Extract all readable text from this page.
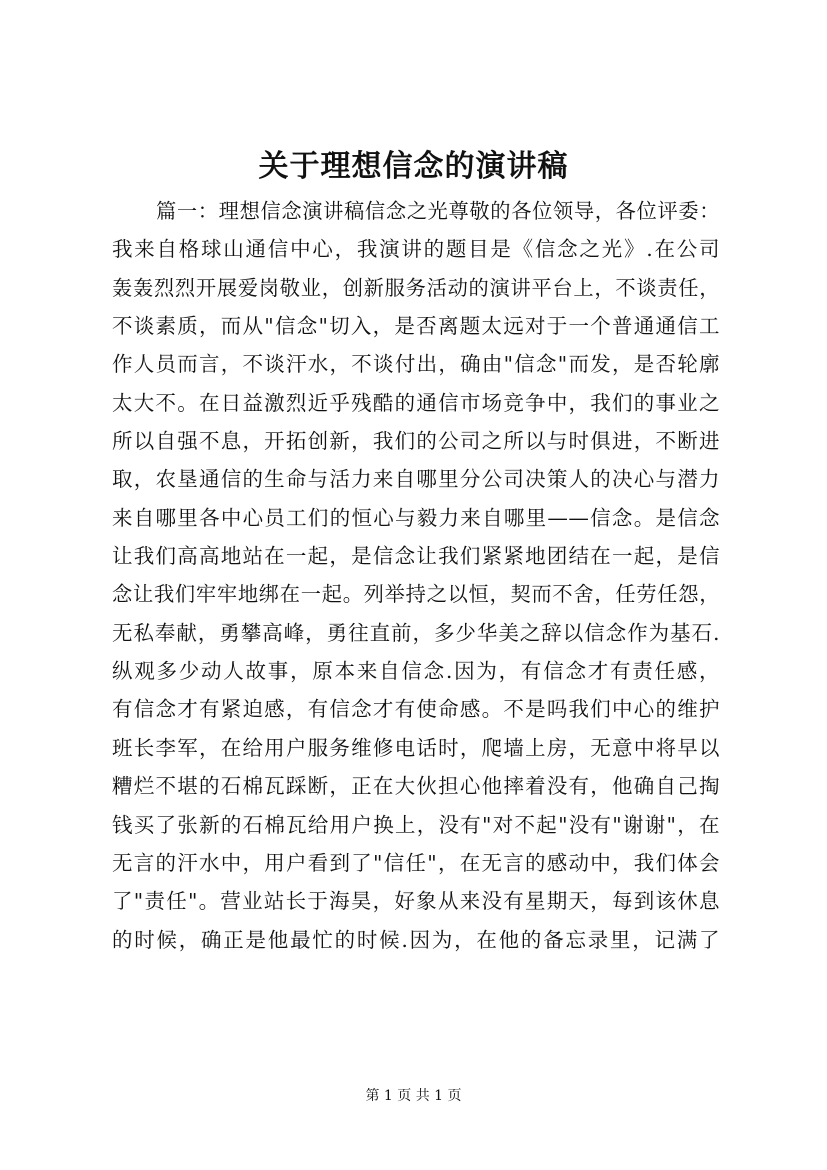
关于理想信念的演讲稿
篇一：理想信念演讲稿信念之光尊敬的各位领导，各位评委：
我来自格球山通信中心，我演讲的题目是《信念之光》.在公司
轰轰烈烈开展爱岗敬业，创新服务活动的演讲平台上，不谈责任，
不谈素质，而从"信念"切入，是否离题太远对于一个普通通信工
作人员而言，不谈汗水，不谈付出，确由"信念"而发，是否轮廓
太大不。在日益激烈近乎残酷的通信市场竞争中，我们的事业之
所以自强不息，开拓创新，我们的公司之所以与时俱进，不断进
取，农垦通信的生命与活力来自哪里分公司决策人的决心与潜力
来自哪里各中心员工们的恒心与毅力来自哪里——信念。是信念
让我们高高地站在一起，是信念让我们紧紧地团结在一起，是信
念让我们牢牢地绑在一起。列举持之以恒，契而不舍，任劳任怨，
无私奉献，勇攀高峰，勇往直前，多少华美之辞以信念作为基石.
纵观多少动人故事，原本来自信念.因为，有信念才有责任感，
有信念才有紧迫感，有信念才有使命感。不是吗我们中心的维护
班长李军，在给用户服务维修电话时，爬墙上房，无意中将早以
糟烂不堪的石棉瓦踩断，正在大伙担心他摔着没有，他确自己掏
钱买了张新的石棉瓦给用户换上，没有"对不起"没有"谢谢"，在
无言的汗水中，用户看到了"信任"，在无言的感动中，我们体会
了"责任"。营业站长于海昊，好象从来没有星期天，每到该休息
的时候，确正是他最忙的时候.因为，在他的备忘录里，记满了
第 1 页 共 1 页
